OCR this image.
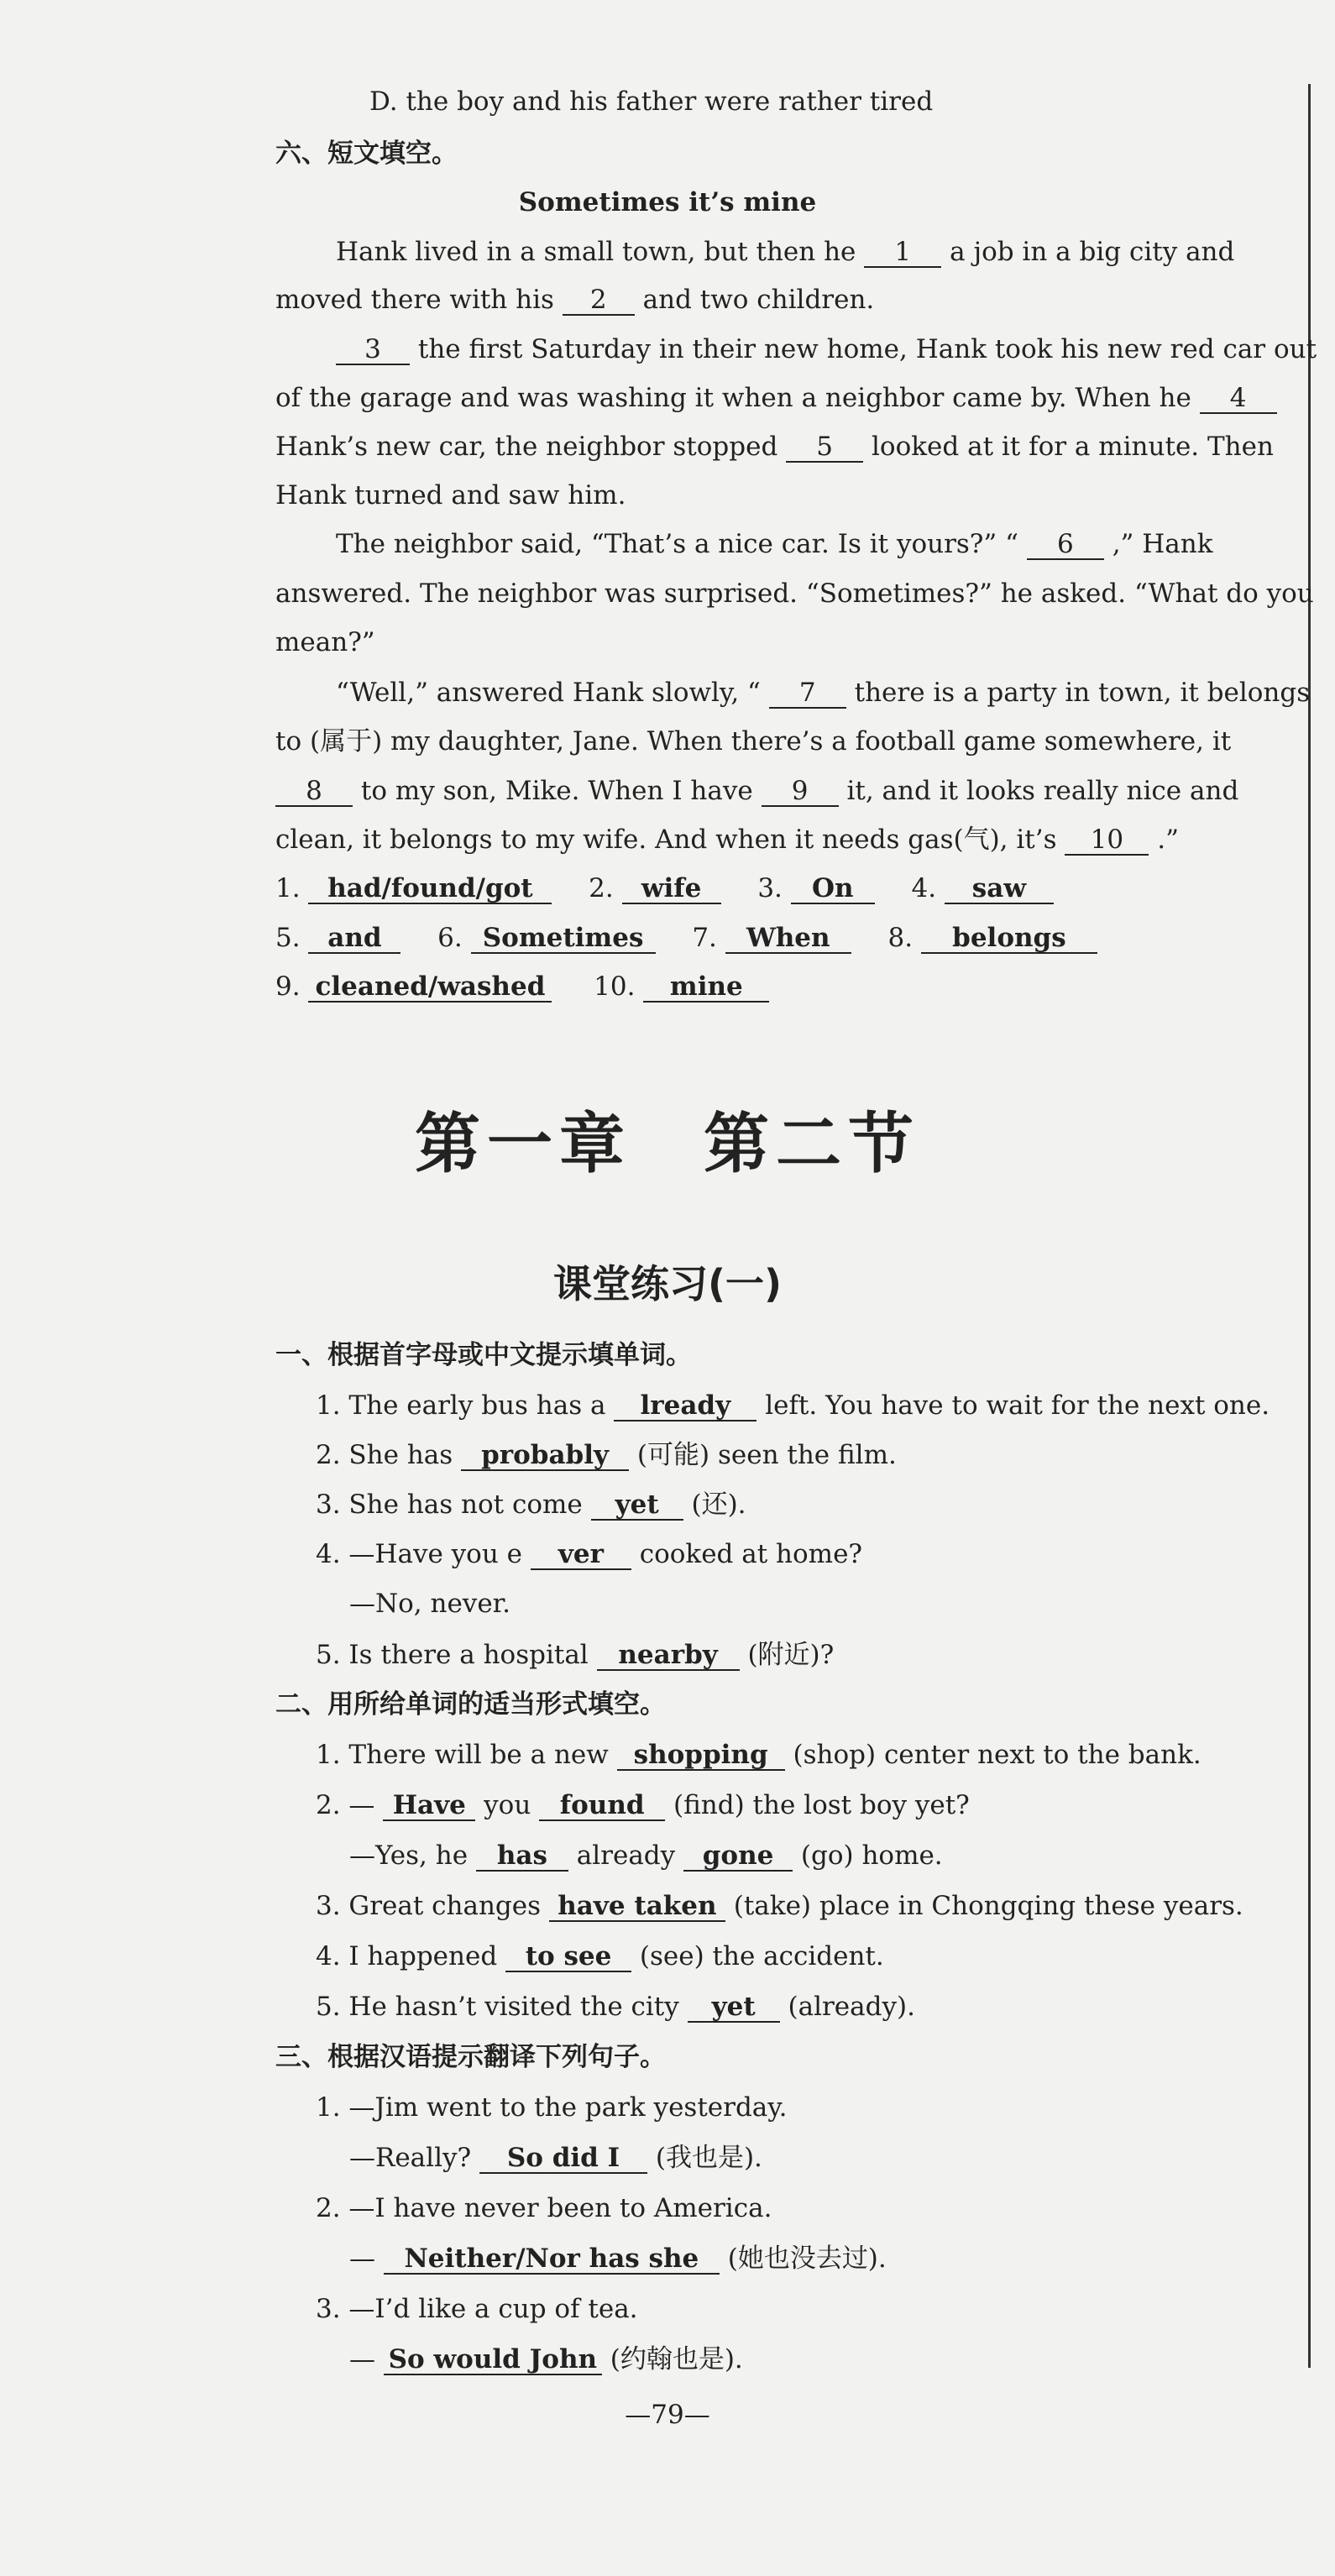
D. the boy and his father were rather tired
六、短文填空。
Sometimes it’s mine
Hank lived in a small town, but then he 1 a job in a big city and
moved there with his 2 and two children.
3 the first Saturday in their new home, Hank took his new red car out
of the garage and was washing it when a neighbor came by. When he 4
Hank’s new car, the neighbor stopped 5 looked at it for a minute. Then
Hank turned and saw him.
The neighbor said, “That’s a nice car. Is it yours?” “ 6 ,” Hank
answered. The neighbor was surprised. “Sometimes?” he asked. “What do you
mean?”
“Well,” answered Hank slowly, “ 7 there is a party in town, it belongs
to (属于) my daughter, Jane. When there’s a football game somewhere, it
8 to my son, Mike. When I have 9 it, and it looks really nice and
clean, it belongs to my wife. And when it needs gas(气), it’s 10 .”
1. had/found/got 2. wife 3. On 4. saw
5. and 6. Sometimes 7. When 8. belongs
9. cleaned/washed 10. mine
第一章　第二节
课堂练习(一)
一、根据首字母或中文提示填单词。
1. The early bus has a lready left. You have to wait for the next one.
2. She has probably (可能) seen the film.
3. She has not come yet (还).
4. —Have you e ver cooked at home?
—No, never.
5. Is there a hospital nearby (附近)?
二、用所给单词的适当形式填空。
1. There will be a new shopping (shop) center next to the bank.
2. — Have you found (find) the lost boy yet?
—Yes, he has already gone (go) home.
3. Great changes have taken (take) place in Chongqing these years.
4. I happened to see (see) the accident.
5. He hasn’t visited the city yet (already).
三、根据汉语提示翻译下列句子。
1. —Jim went to the park yesterday.
—Really? So did I (我也是).
2. —I have never been to America.
— Neither/Nor has she (她也没去过).
3. —I’d like a cup of tea.
— So would John (约翰也是).
—79—
